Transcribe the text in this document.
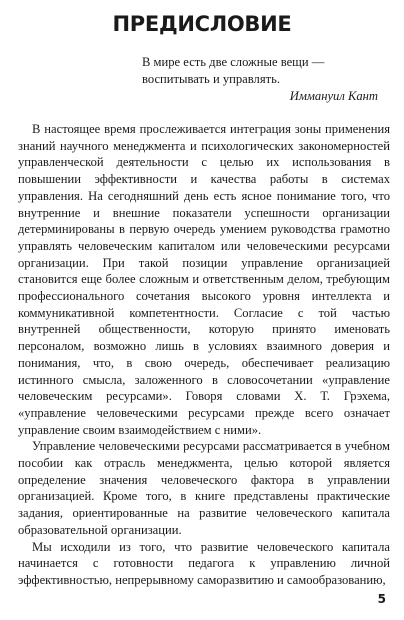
ПРЕДИСЛОВИЕ
В мире есть две сложные вещи —
воспитывать и управлять.
Иммануил Кант

В настоящее время прослеживается интеграция зоны применения знаний научного менеджмента и психологических закономерностей управленческой деятельности с целью их использования в повышении эффективности и качества работы в системах управления. На сегодняшний день есть ясное понимание того, что внутренние и внешние показатели успешности организации детерминированы в первую очередь умением руководства грамотно управлять человеческим капиталом или человеческими ресурсами организации. При такой позиции управление организацией становится еще более сложным и ответственным делом, требующим профессионального сочетания высокого уровня интеллекта и коммуникативной компетентности. Согласие с той частью внутренней общественности, которую принято именовать персоналом, возможно лишь в условиях взаимного доверия и понимания, что, в свою очередь, обеспечивает реализацию истинного смысла, заложенного в словосочетании «управление человеческим ресурсами». Говоря словами Х. Т. Грэхема, «управление человеческими ресурсами прежде всего означает управление своим взаимодействием с ними».

Управление человеческими ресурсами рассматривается в учебном пособии как отрасль менеджмента, целью которой является определение значения человеческого фактора в управлении организацией. Кроме того, в книге представлены практические задания, ориентированные на развитие человеческого капитала образовательной организации.

Мы исходили из того, что развитие человеческого капитала начинается с готовности педагога к управлению личной эффективностью, непрерывному саморазвитию и самообразованию,

5
